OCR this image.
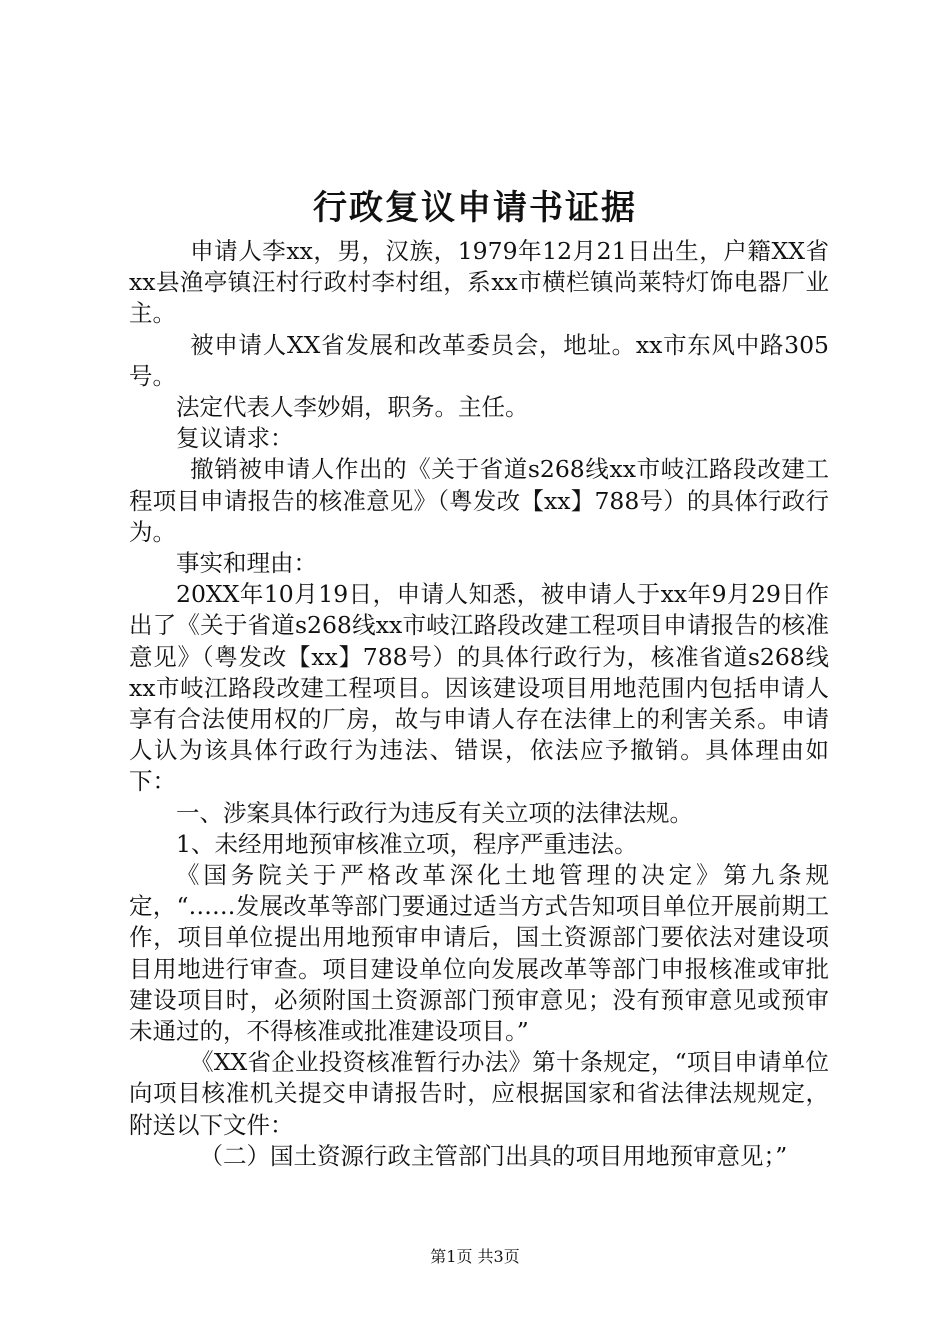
行政复议申请书证据

申请人李xx，男，汉族，1979年12月21日出生，户籍XX省xx县渔亭镇汪村行政村李村组，系xx市横栏镇尚莱特灯饰电器厂业主。

被申请人XX省发展和改革委员会，地址。xx市东风中路305号。

法定代表人李妙娟，职务。主任。

复议请求：

撤销被申请人作出的《关于省道s268线xx市岐江路段改建工程项目申请报告的核准意见》（粤发改【xx】788号）的具体行政行为。

事实和理由：

20XX年10月19日，申请人知悉，被申请人于xx年9月29日作出了《关于省道s268线xx市岐江路段改建工程项目申请报告的核准意见》（粤发改【xx】788号）的具体行政行为，核准省道s268线xx市岐江路段改建工程项目。因该建设项目用地范围内包括申请人享有合法使用权的厂房，故与申请人存在法律上的利害关系。申请人认为该具体行政行为违法、错误，依法应予撤销。具体理由如下：

一、涉案具体行政行为违反有关立项的法律法规。

1、未经用地预审核准立项，程序严重违法。

《国务院关于严格改革深化土地管理的决定》第九条规定，“……发展改革等部门要通过适当方式告知项目单位开展前期工作，项目单位提出用地预审申请后，国土资源部门要依法对建设项目用地进行审查。项目建设单位向发展改革等部门申报核准或审批建设项目时，必须附国土资源部门预审意见；没有预审意见或预审未通过的，不得核准或批准建设项目。”

《XX省企业投资核准暂行办法》第十条规定，“项目申请单位向项目核准机关提交申请报告时，应根据国家和省法律法规规定，附送以下文件：

（二）国土资源行政主管部门出具的项目用地预审意见；”

第1页 共3页
